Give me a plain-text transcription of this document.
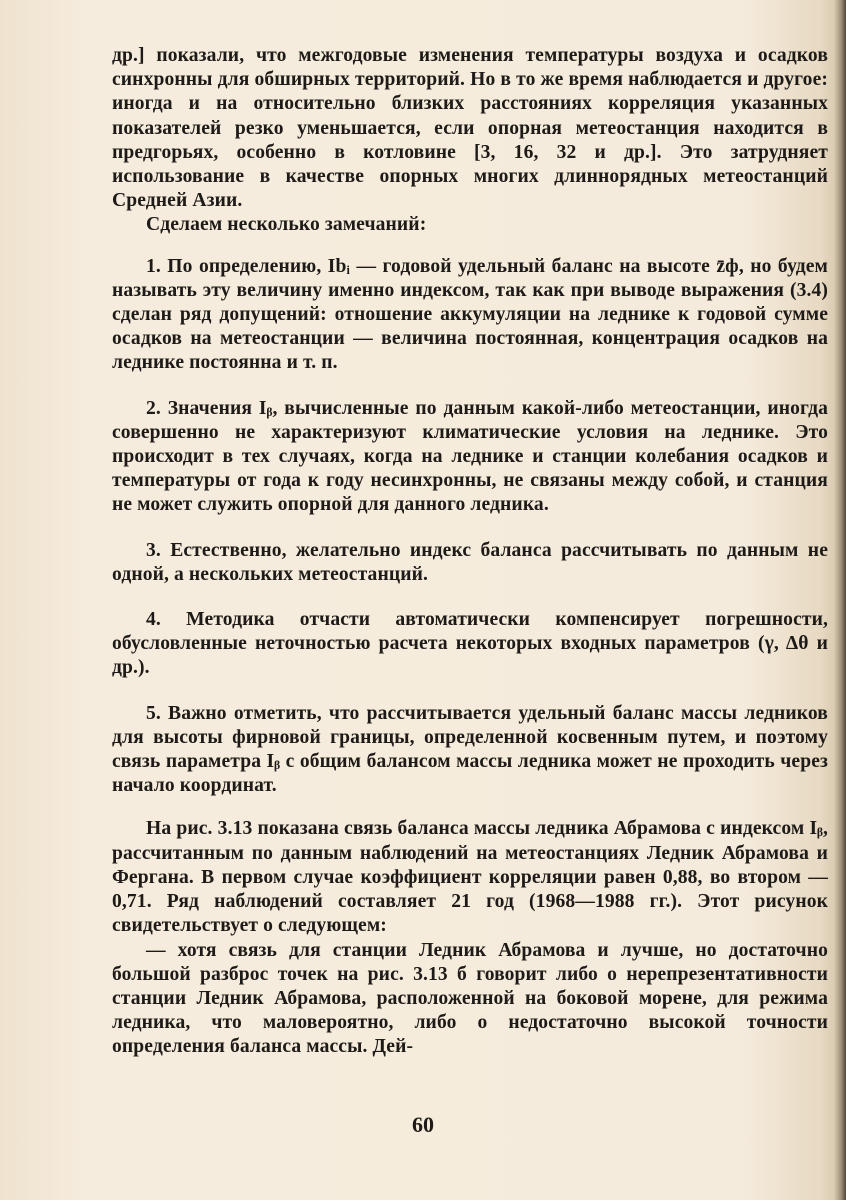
др.] показали, что межгодовые изменения температуры воздуха и осадков синхронны для обширных территорий. Но в то же время наблюдается и другое: иногда и на относительно близких расстояниях корреляция указанных показателей резко уменьшается, если опорная метеостанция находится в предгорьях, особенно в котловине [3, 16, 32 и др.]. Это затрудняет использование в качестве опорных многих длиннорядных метеостанций Средней Азии.

Сделаем несколько замечаний:

1. По определению, Ibᵢ — годовой удельный баланс на высоте z̄ф, но будем называть эту величину именно индексом, так как при выводе выражения (3.4) сделан ряд допущений: отношение аккумуляции на леднике к годовой сумме осадков на метеостанции — величина постоянная, концентрация осадков на леднике постоянна и т. п.

2. Значения Iᵦ, вычисленные по данным какой-либо метеостанции, иногда совершенно не характеризуют климатические условия на леднике. Это происходит в тех случаях, когда на леднике и станции колебания осадков и температуры от года к году несинхронны, не связаны между собой, и станция не может служить опорной для данного ледника.

3. Естественно, желательно индекс баланса рассчитывать по данным не одной, а нескольких метеостанций.

4. Методика отчасти автоматически компенсирует погрешности, обусловленные неточностью расчета некоторых входных параметров (γ, Δθ и др.).

5. Важно отметить, что рассчитывается удельный баланс массы ледников для высоты фирновой границы, определенной косвенным путем, и поэтому связь параметра Iᵦ с общим балансом массы ледника может не проходить через начало координат.

На рис. 3.13 показана связь баланса массы ледника Абрамова с индексом Iᵦ, рассчитанным по данным наблюдений на метеостанциях Ледник Абрамова и Фергана. В первом случае коэффициент корреляции равен 0,88, во втором — 0,71. Ряд наблюдений составляет 21 год (1968—1988 гг.). Этот рисунок свидетельствует о следующем:

— хотя связь для станции Ледник Абрамова и лучше, но достаточно большой разброс точек на рис. 3.13 б говорит либо о нерепрезентативности станции Ледник Абрамова, расположенной на боковой морене, для режима ледника, что маловероятно, либо о недостаточно высокой точности определения баланса массы. Дей-

60
